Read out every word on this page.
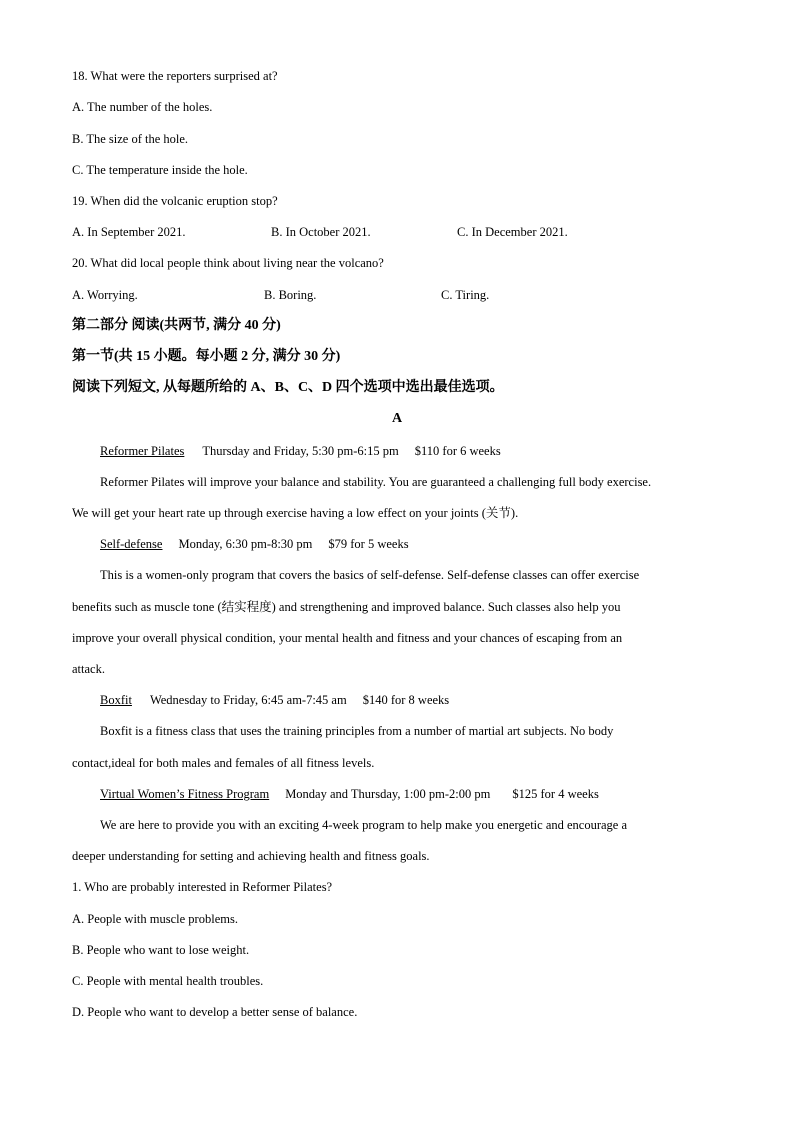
18. What were the reporters surprised at?
A. The number of the holes.
B. The size of the hole.
C. The temperature inside the hole.
19. When did the volcanic eruption stop?
A. In September 2021.	B. In October 2021.	C. In December 2021.
20. What did local people think about living near the volcano?
A. Worrying.	B. Boring.	C. Tiring.
第二部分 阅读(共两节, 满分 40 分)
第一节(共 15 小题。每小题 2 分, 满分 30 分)
阅读下列短文, 从每题所给的 A、B、C、D 四个选项中选出最佳选项。
A
Reformer Pilates Thursday and Friday, 5:30 pm-6:15 pm $110 for 6 weeks
Reformer Pilates will improve your balance and stability. You are guaranteed a challenging full body exercise.
We will get your heart rate up through exercise having a low effect on your joints (关节).
Self-defense Monday, 6:30 pm-8:30 pm $79 for 5 weeks
This is a women-only program that covers the basics of self-defense. Self-defense classes can offer exercise
benefits such as muscle tone (结实程度) and strengthening and improved balance. Such classes also help you
improve your overall physical condition, your mental health and fitness and your chances of escaping from an
attack.
Boxfit Wednesday to Friday, 6:45 am-7:45 am $140 for 8 weeks
Boxfit is a fitness class that uses the training principles from a number of martial art subjects. No body
contact,ideal for both males and females of all fitness levels.
Virtual Women’s Fitness Program Monday and Thursday, 1:00 pm-2:00 pm $125 for 4 weeks
We are here to provide you with an exciting 4-week program to help make you energetic and encourage a
deeper understanding for setting and achieving health and fitness goals.
1. Who are probably interested in Reformer Pilates?
A. People with muscle problems.
B. People who want to lose weight.
C. People with mental health troubles.
D. People who want to develop a better sense of balance.
